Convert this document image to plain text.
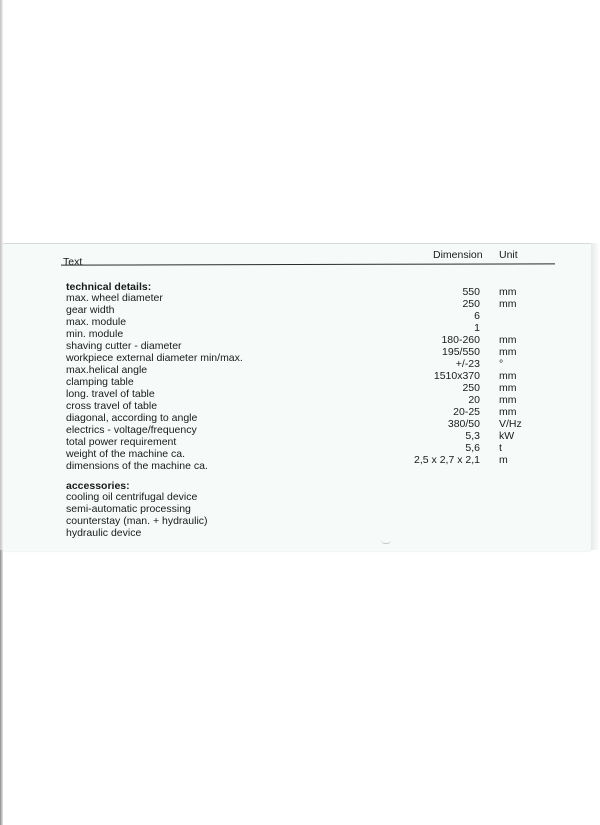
Text
Dimension Unit
technical details:
max. wheel diameter	550 mm
gear width	250 mm
max. module	6
min. module	1
shaving cutter - diameter	180-260 mm
workpiece external diameter min/max.	195/550 mm
max.helical angle	+/-23 °
clamping table	1510x370 mm
long. travel of table	250 mm
cross travel of table	20 mm
diagonal, according to angle	20-25 mm
electrics - voltage/frequency	380/50 V/Hz
total power requirement	5,3 kW
weight of the machine ca.	5,6 t
dimensions of the machine ca.	2,5 x 2,7 x 2,1 m
accessories:
cooling oil centrifugal device
semi-automatic processing
counterstay (man. + hydraulic)
hydraulic device
